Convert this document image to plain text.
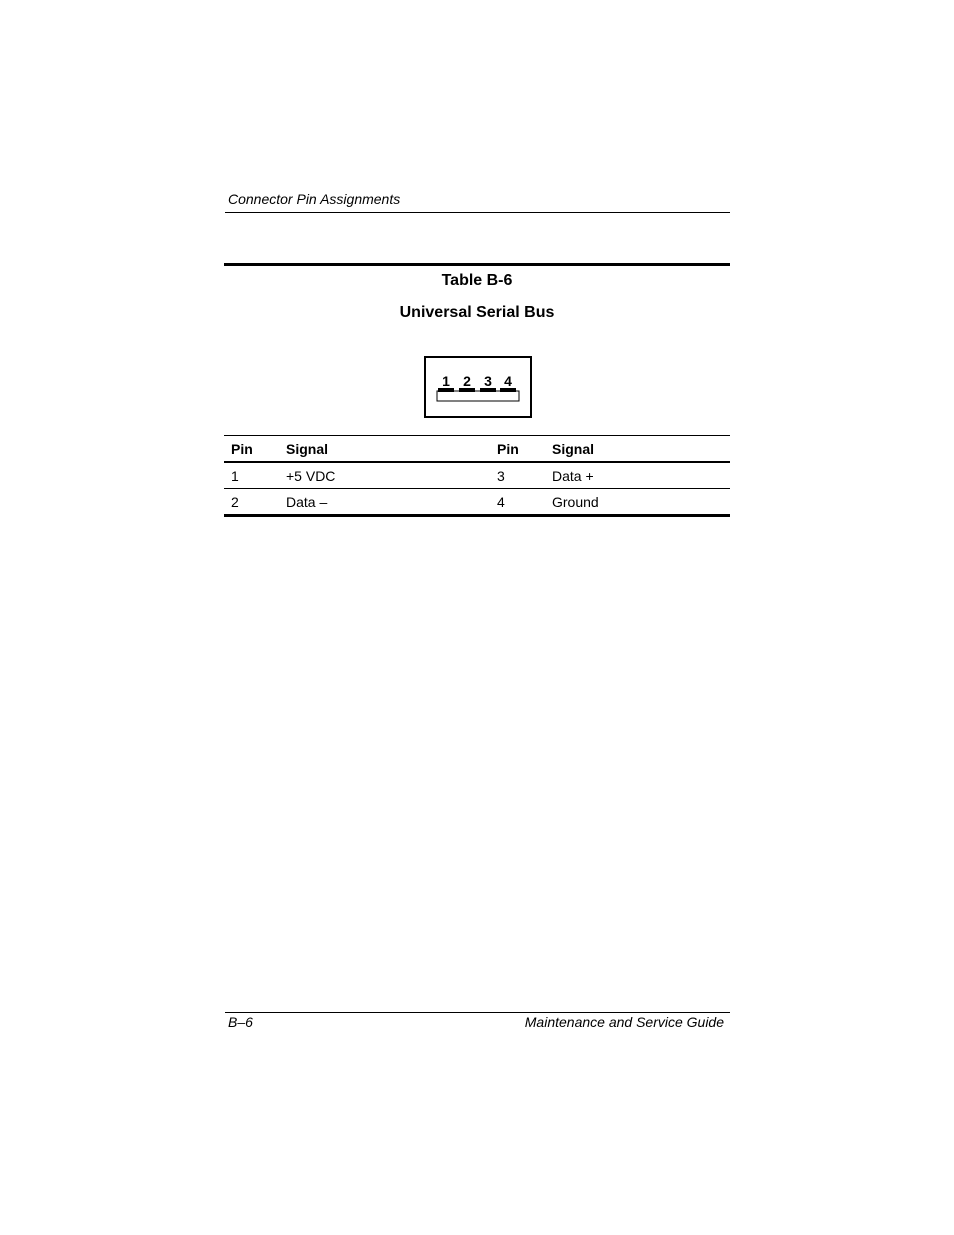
Connector Pin Assignments
Table B-6
Universal Serial Bus
1 2 3 4
Pin	Signal	Pin	Signal
1	+5 VDC	3	Data +
2	Data –	4	Ground
B–6	Maintenance and Service Guide
